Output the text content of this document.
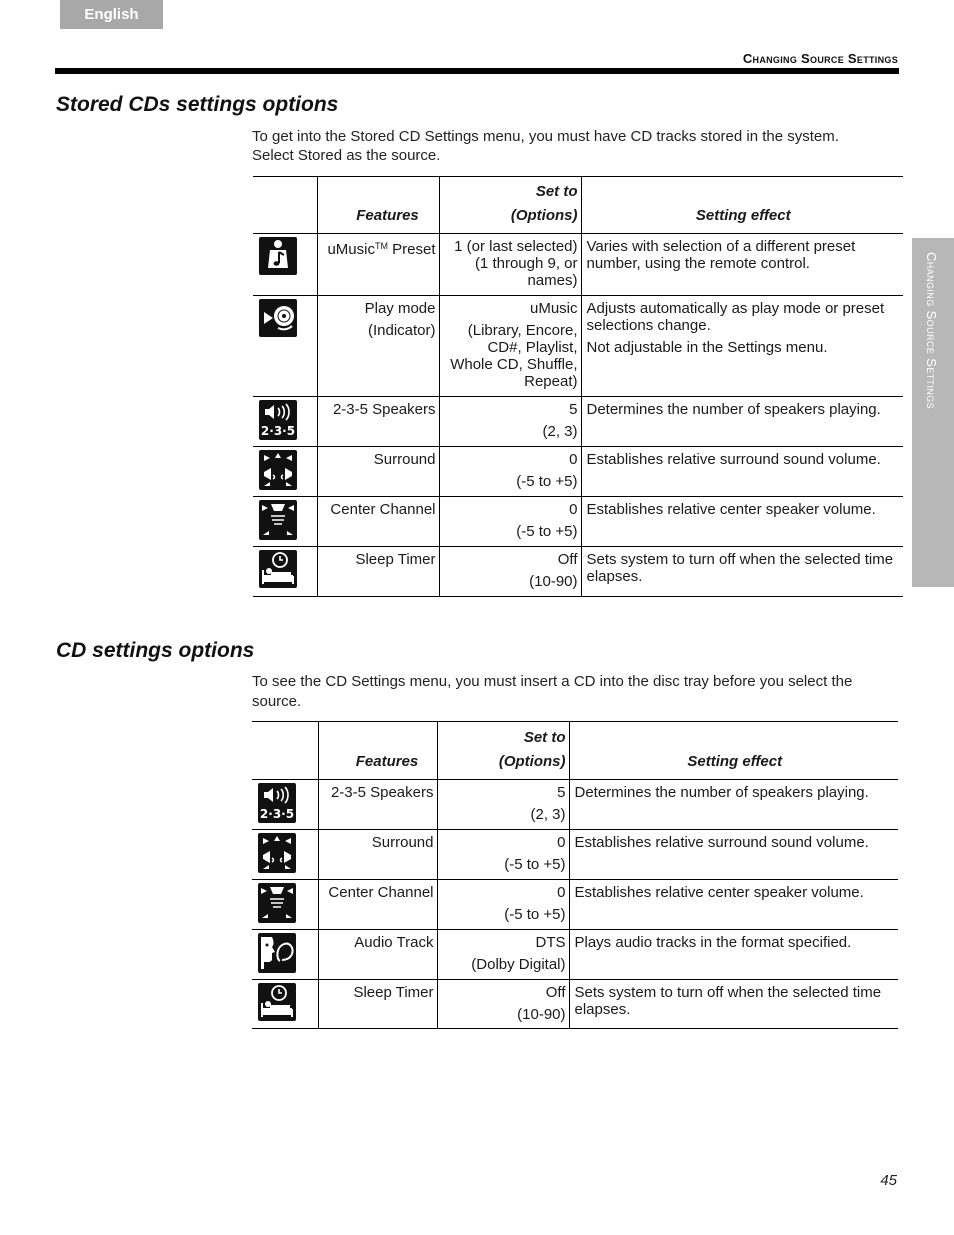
English
Changing Source Settings
Changing Source Settings
Stored CDs settings options

To get into the Stored CD Settings menu, you must have CD tracks stored in the system. Select Stored as the source.

	Features	Set to
(Options)	Setting effect

	uMusic™ Preset	1 (or last selected)
(1 through 9, or names)	Varies with selection of a different preset number, using the remote control.

	Play mode
(Indicator)	uMusic
(Library, Encore, CD#, Playlist, Whole CD, Shuffle, Repeat)	Adjusts automatically as play mode or preset selections change.
Not adjustable in the Settings menu.

2·3·5	2-3-5 Speakers	5
(2, 3)	Determines the number of speakers playing.

	Surround	0
(-5 to +5)	Establishes relative surround sound volume.

	Center Channel	0
(-5 to +5)	Establishes relative center speaker volume.

	Sleep Timer	Off
(10-90)	Sets system to turn off when the selected time elapses.
CD settings options

To see the CD Settings menu, you must insert a CD into the disc tray before you select the source.

	Features	Set to
(Options)	Setting effect

2·3·5	2-3-5 Speakers	5
(2, 3)	Determines the number of speakers playing.

	Surround	0
(-5 to +5)	Establishes relative surround sound volume.

	Center Channel	0
(-5 to +5)	Establishes relative center speaker volume.

	Audio Track	DTS
(Dolby Digital)	Plays audio tracks in the format specified.

	Sleep Timer	Off
(10-90)	Sets system to turn off when the selected time elapses.
45
